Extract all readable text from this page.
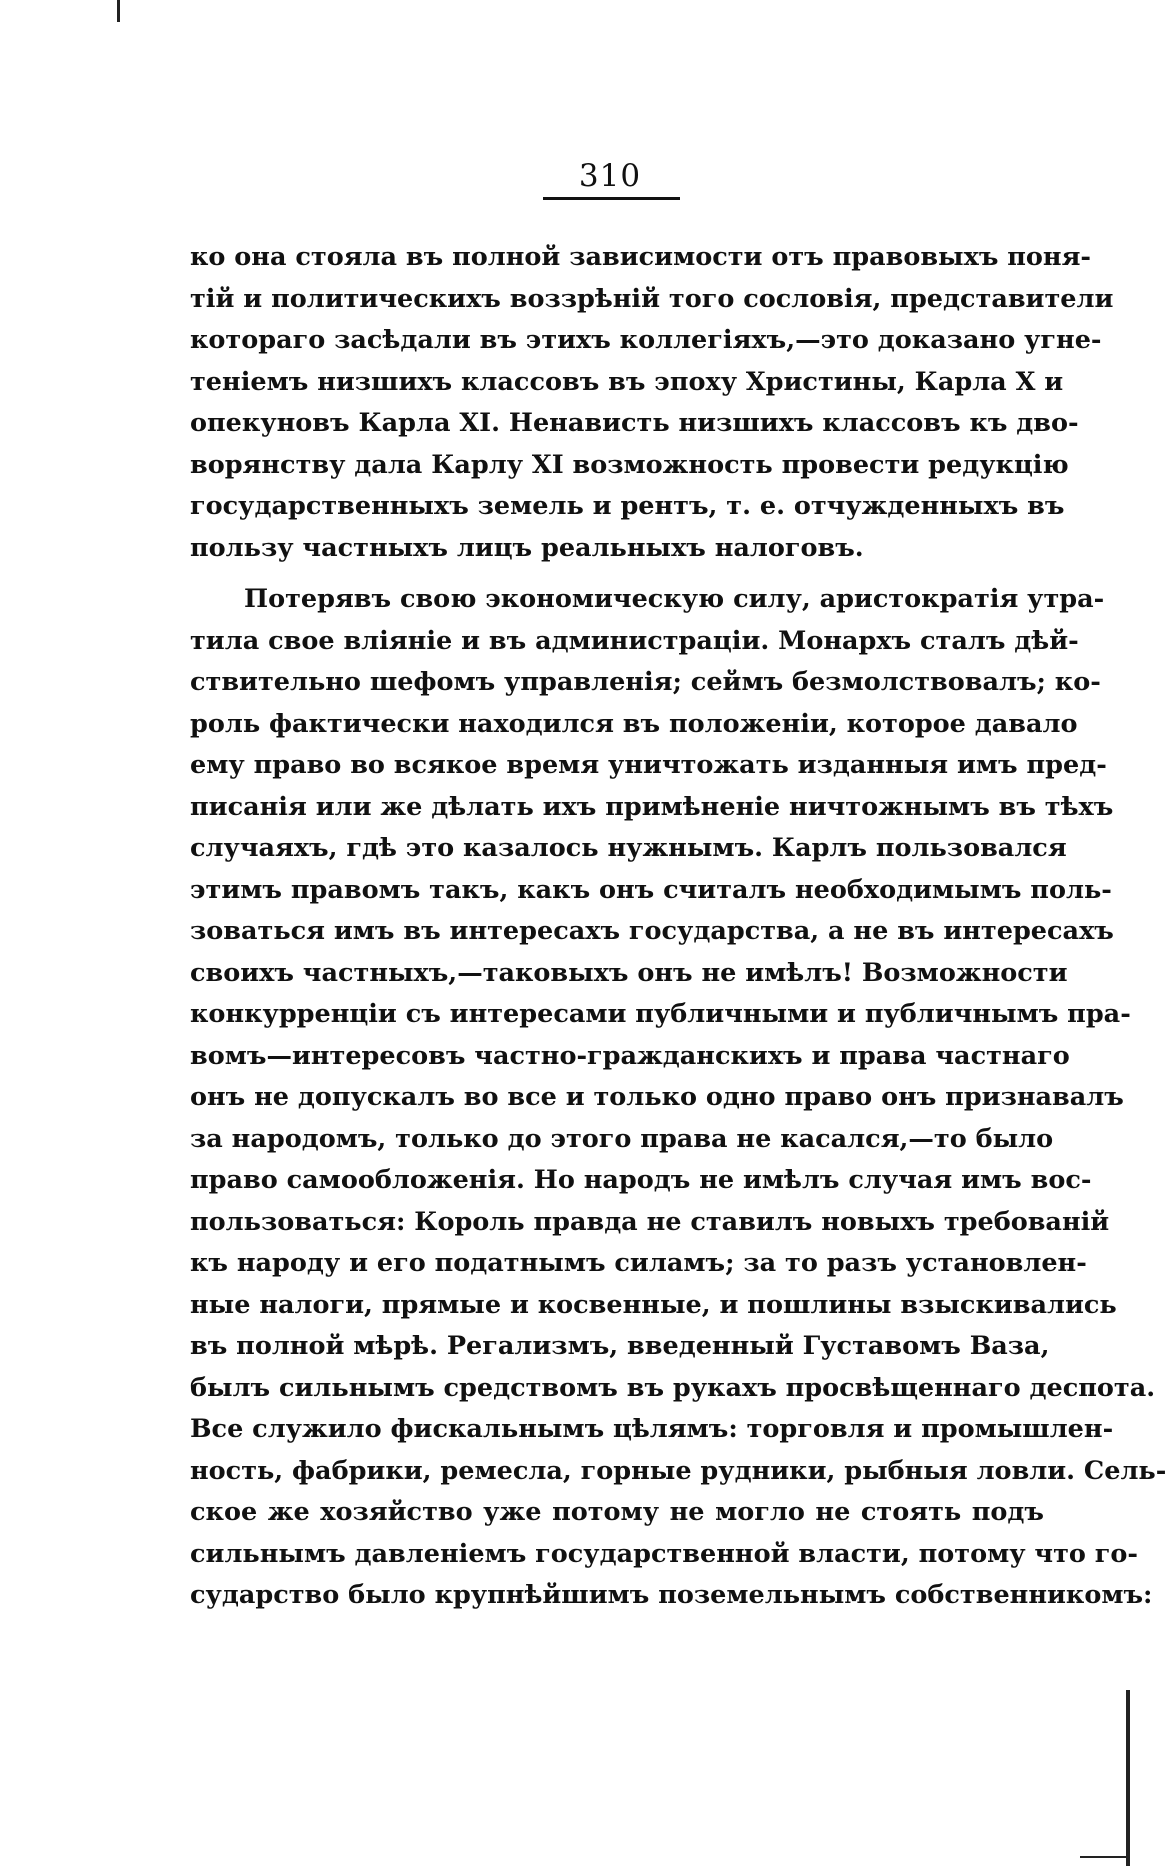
310
ко она стояла въ полной зависимости отъ правовыхъ поня-
тій и политическихъ воззрѣній того сословія, представители
котораго засѣдали въ этихъ коллегіяхъ,—это доказано угне-
теніемъ низшихъ классовъ въ эпоху Христины, Карла X и
опекуновъ Карла XI. Ненависть низшихъ классовъ къ дво-
ворянству дала Карлу XI возможность провести редукцію
государственныхъ земель и рентъ, т. е. отчужденныхъ въ
пользу частныхъ лицъ реальныхъ налоговъ.
Потерявъ свою экономическую силу, аристократія утра-
тила свое вліяніе и въ администраціи. Монархъ сталъ дѣй-
ствительно шефомъ управленія; сеймъ безмолствовалъ; ко-
роль фактически находился въ положеніи, которое давало
ему право во всякое время уничтожать изданныя имъ пред-
писанія или же дѣлать ихъ примѣненіе ничтожнымъ въ тѣхъ
случаяхъ, гдѣ это казалось нужнымъ. Карлъ пользовался
этимъ правомъ такъ, какъ онъ считалъ необходимымъ поль-
зоваться имъ въ интересахъ государства, а не въ интересахъ
своихъ частныхъ,—таковыхъ онъ не имѣлъ! Возможности
конкурренціи съ интересами публичными и публичнымъ пра-
вомъ—интересовъ частно-гражданскихъ и права частнаго
онъ не допускалъ во все и только одно право онъ признавалъ
за народомъ, только до этого права не касался,—то было
право самообложенія. Но народъ не имѣлъ случая имъ вос-
пользоваться: Король правда не ставилъ новыхъ требованій
къ народу и его податнымъ силамъ; за то разъ установлен-
ные налоги, прямые и косвенные, и пошлины взыскивались
въ полной мѣрѣ. Регализмъ, введенный Густавомъ Ваза,
былъ сильнымъ средствомъ въ рукахъ просвѣщеннаго деспота.
Все служило фискальнымъ цѣлямъ: торговля и промышлен-
ность, фабрики, ремесла, горные рудники, рыбныя ловли. Сель-
ское же хозяйство уже потому не могло не стоять подъ
сильнымъ давленіемъ государственной власти, потому что го-
сударство было крупнѣйшимъ поземельнымъ собственникомъ:
